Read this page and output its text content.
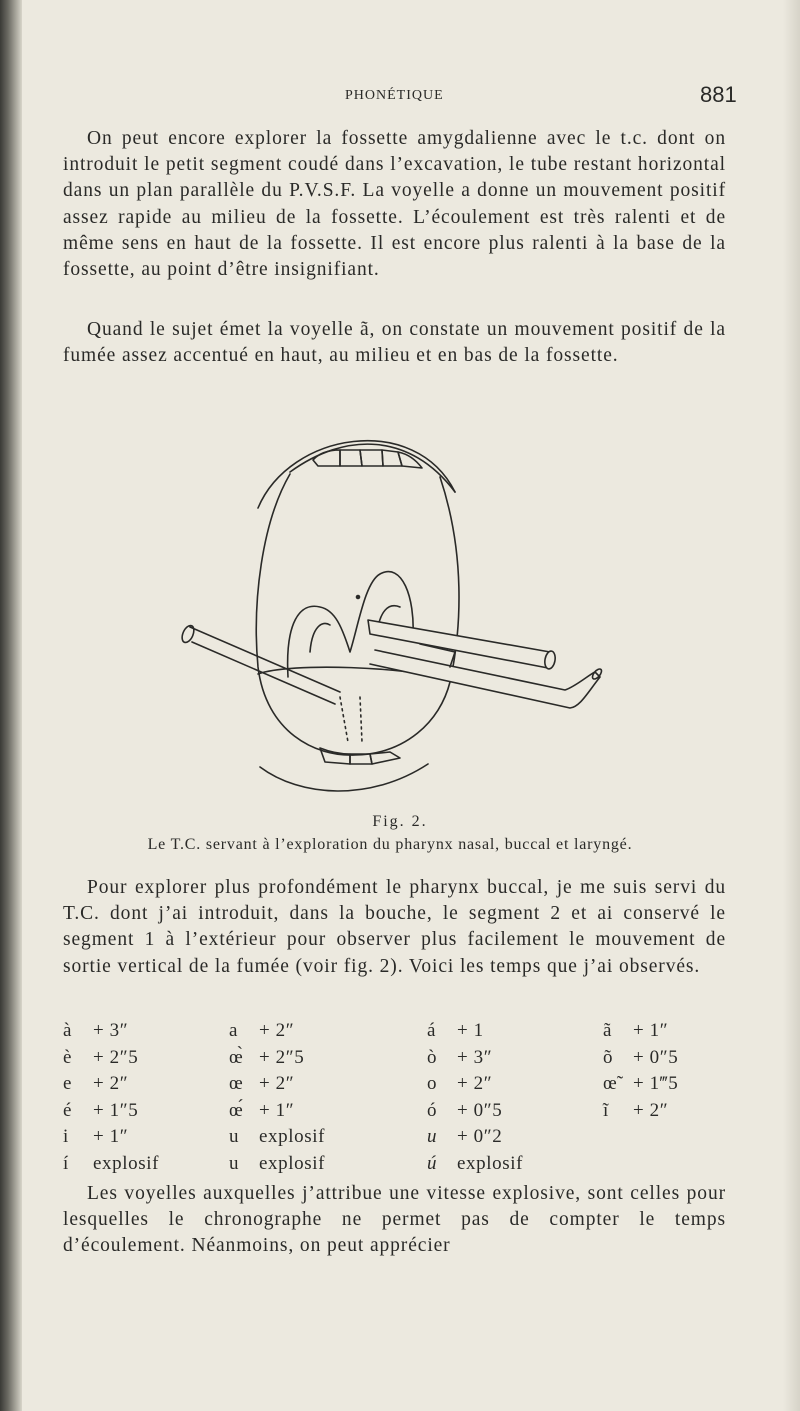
PHONÉTIQUE	881

On peut encore explorer la fossette amygdalienne avec le t.c. dont on introduit le petit segment coudé dans l’excavation, le tube restant horizontal dans un plan parallèle du P.V.S.F. La voyelle a donne un mouvement positif assez rapide au milieu de la fossette. L’écoulement est très ralenti et de même sens en haut de la fossette. Il est encore plus ralenti à la base de la fossette, au point d’être insignifiant.

Quand le sujet émet la voyelle ã, on constate un mouvement positif de la fumée assez accentué en haut, au milieu et en bas de la fossette.

Fig. 2.
Le T.C. servant à l’exploration du pharynx nasal, buccal et laryngé.

Pour explorer plus profondément le pharynx buccal, je me suis servi du T.C. dont j’ai introduit, dans la bouche, le segment 2 et ai conservé le segment 1 à l’extérieur pour observer plus facilement le mouvement de sortie vertical de la fumée (voir fig. 2). Voici les temps que j’ai observés.

à + 3″	a + 2″	á + 1	ã + 1″
è + 2″5	œ̀ + 2″5	ò + 3″	õ + 0″5
e + 2″	œ + 2″	o + 2″	œ̃ + 1‴5
é + 1″5	œ́ + 1″	ó + 0″5	ĩ + 2″
i + 1″	u explosif	u + 0″2
í explosif	u explosif	ú explosif

Les voyelles auxquelles j’attribue une vitesse explosive, sont celles pour lesquelles le chronographe ne permet pas de compter le temps d’écoulement. Néanmoins, on peut apprécier
